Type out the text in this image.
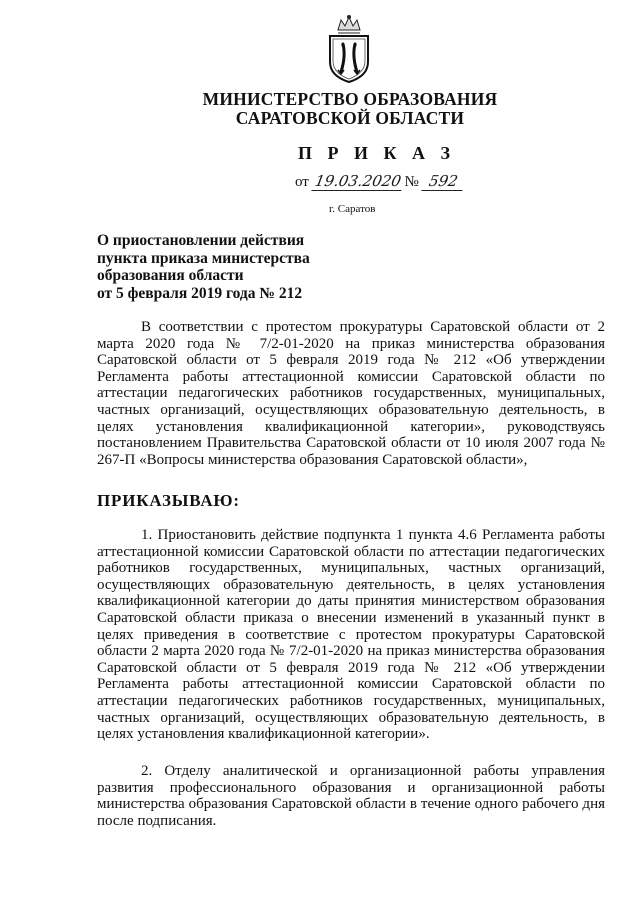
МИНИСТЕРСТВО ОБРАЗОВАНИЯ
САРАТОВСКОЙ ОБЛАСТИ
П Р И К А З
от 19.03.2020 № 592
г. Саратов
О приостановлении действия
пункта приказа министерства
образования области
от 5 февраля 2019 года № 212
В соответствии с протестом прокуратуры Саратовской области от 2 марта 2020 года № 7/2-01-2020 на приказ министерства образования Саратовской области от 5 февраля 2019 года № 212 «Об утверждении Регламента работы аттестационной комиссии Саратовской области по аттестации педагогических работников государственных, муниципальных, частных организаций, осуществляющих образовательную деятельность, в целях установления квалификационной категории», руководствуясь постановлением Правительства Саратовской области от 10 июля 2007 года № 267-П «Вопросы министерства образования Саратовской области»,
ПРИКАЗЫВАЮ:
1. Приостановить действие подпункта 1 пункта 4.6 Регламента работы аттестационной комиссии Саратовской области по аттестации педагогических работников государственных, муниципальных, частных организаций, осуществляющих образовательную деятельность, в целях установления квалификационной категории до даты принятия министерством образования Саратовской области приказа о внесении изменений в указанный пункт в целях приведения в соответствие с протестом прокуратуры Саратовской области 2 марта 2020 года № 7/2-01-2020 на приказ министерства образования Саратовской области от 5 февраля 2019 года № 212 «Об утверждении Регламента работы аттестационной комиссии Саратовской области по аттестации педагогических работников государственных, муниципальных, частных организаций, осуществляющих образовательную деятельность, в целях установления квалификационной категории».
2. Отделу аналитической и организационной работы управления развития профессионального образования и организационной работы министерства образования Саратовской области в течение одного рабочего дня после подписания.
